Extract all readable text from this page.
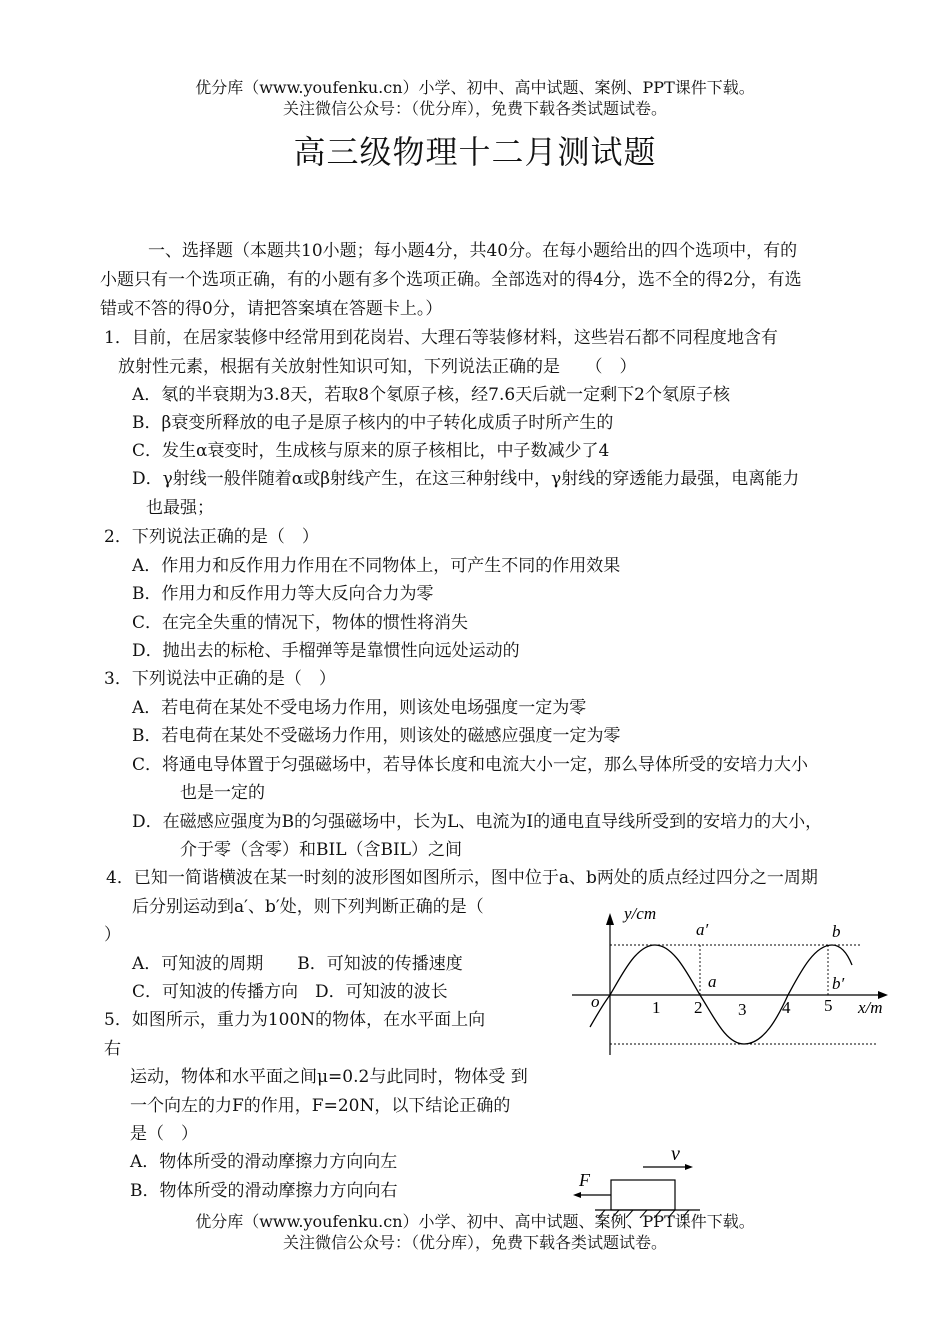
优分库（www.youfenku.cn）小学、初中、高中试题、案例、PPT课件下载。
关注微信公众号：（优分库），免费下载各类试题试卷。
高三级物理十二月测试题
一、选择题（本题共10小题；每小题4分，共40分。在每小题给出的四个选项中，有的
小题只有一个选项正确，有的小题有多个选项正确。全部选对的得4分，选不全的得2分，有选
错或不答的得0分，请把答案填在答题卡上。）
1．目前，在居家装修中经常用到花岗岩、大理石等装修材料，这些岩石都不同程度地含有
放射性元素，根据有关放射性知识可知，下列说法正确的是　　（　）
A．氡的半衰期为3.8天，若取8个氡原子核，经7.6天后就一定剩下2个氡原子核
B．β衰变所释放的电子是原子核内的中子转化成质子时所产生的
C．发生α衰变时，生成核与原来的原子核相比，中子数减少了4
D．γ射线一般伴随着α或β射线产生，在这三种射线中，γ射线的穿透能力最强，电离能力
也最强；
2．下列说法正确的是（　）
A．作用力和反作用力作用在不同物体上，可产生不同的作用效果
B．作用力和反作用力等大反向合力为零
C．在完全失重的情况下，物体的惯性将消失
D．抛出去的标枪、手榴弹等是靠惯性向远处运动的
3．下列说法中正确的是（　）
A．若电荷在某处不受电场力作用，则该处电场强度一定为零
B．若电荷在某处不受磁场力作用，则该处的磁感应强度一定为零
C．将通电导体置于匀强磁场中，若导体长度和电流大小一定，那么导体所受的安培力大小
也是一定的
D．在磁感应强度为B的匀强磁场中，长为L、电流为I的通电直导线所受到的安培力的大小，
介于零（含零）和BIL（含BIL）之间
4．已知一简谐横波在某一时刻的波形图如图所示，图中位于a、b两处的质点经过四分之一周期
后分别运动到a′、b′处，则下列判断正确的是（
）
A．可知波的周期　　B．可知波的传播速度
C．可知波的传播方向　D．可知波的波长
5．如图所示，重力为100N的物体，在水平面上向
右
运动，物体和水平面之间μ=0.2与此同时，物体受 到
一个向左的力F的作用，F=20N，以下结论正确的
是（　）
A．物体所受的滑动摩擦力方向向左
B．物体所受的滑动摩擦力方向向右
o	1 2 3 4 5
a′
a
b
b′
y/cm
x/m
v
F
优分库（www.youfenku.cn）小学、初中、高中试题、案例、PPT课件下载。
关注微信公众号：（优分库），免费下载各类试题试卷。
